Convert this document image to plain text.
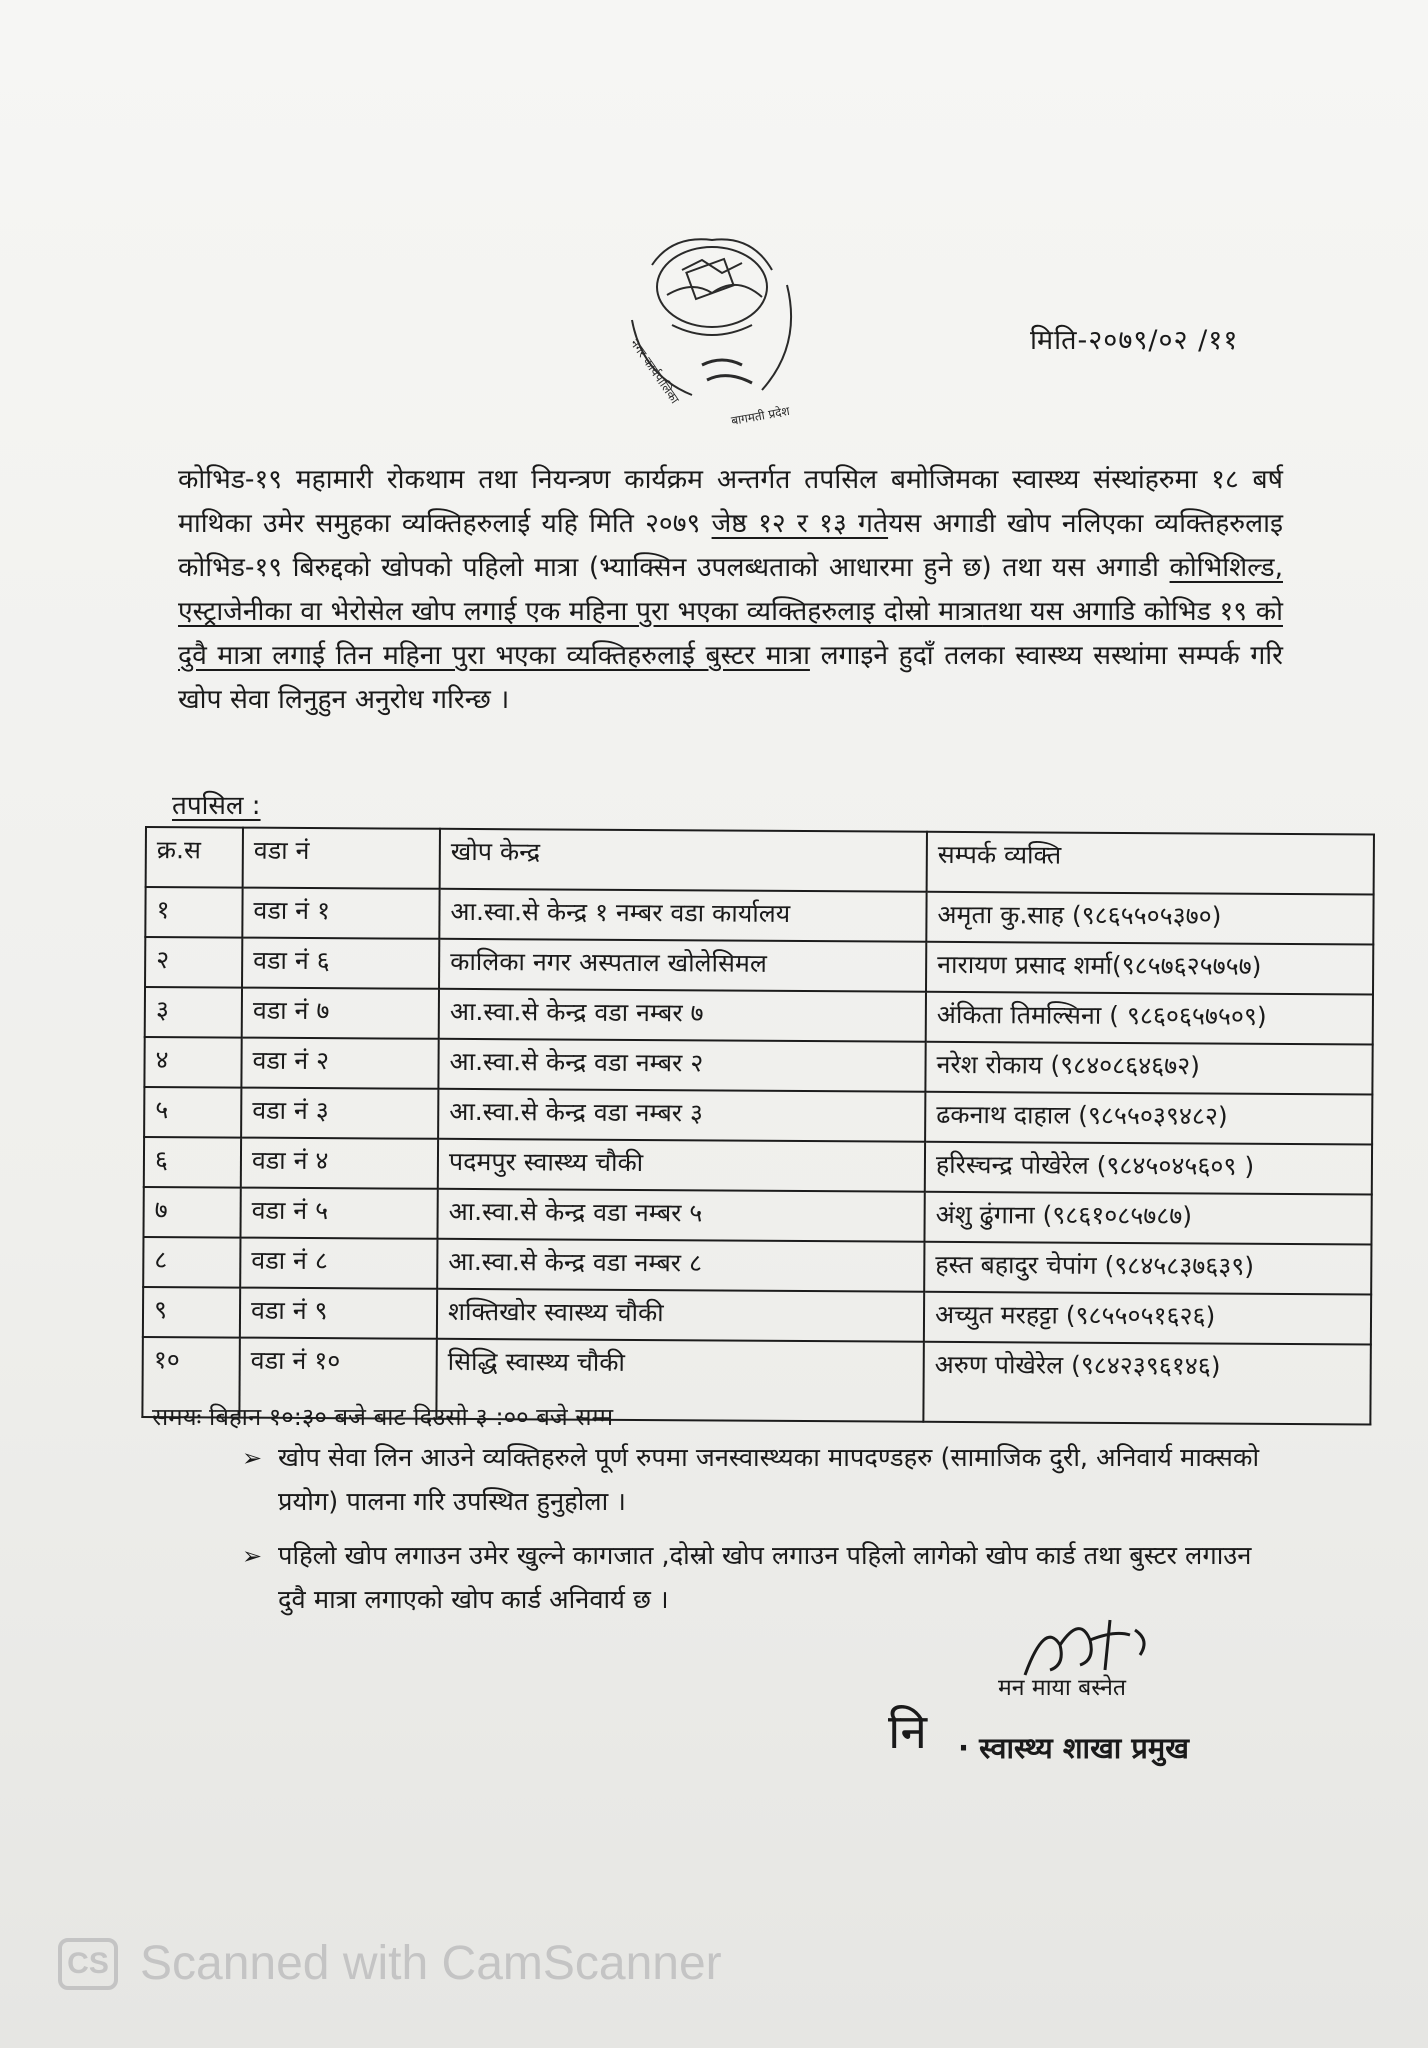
नगर कार्यपालिका
बागमती प्रदेश
मिति-२०७९/०२ /११
कोभिड-१९ महामारी रोकथाम तथा नियन्त्रण कार्यक्रम अन्तर्गत तपसिल बमोजिमका स्वास्थ्य संस्थांहरुमा १८ बर्ष माथिका उमेर समुहका व्यक्तिहरुलाई यहि मिति २०७९ जेष्ठ १२ र १३ गतेयस अगाडी खोप नलिएका व्यक्तिहरुलाइ कोभिड-१९ बिरुद्दको खोपको पहिलो मात्रा (भ्याक्सिन उपलब्धताको आधारमा हुने छ) तथा यस अगाडी कोभिशिल्ड, एस्ट्राजेनीका वा भेरोसेल खोप लगाई एक महिना पुरा भएका व्यक्तिहरुलाइ दोस्रो मात्रातथा यस अगाडि कोभिड १९ को दुवै मात्रा लगाई तिन महिना पुरा भएका व्यक्तिहरुलाई बुस्टर मात्रा लगाइने हुदाँ तलका स्वास्थ्य सस्थांमा सम्पर्क गरि खोप सेवा लिनुहुन अनुरोध गरिन्छ ।
तपसिल :
क्र.स	वडा नं	खोप केन्द्र	सम्पर्क व्यक्ति
१	वडा नं १	आ.स्वा.से केन्द्र १ नम्बर वडा कार्यालय	अमृता कु.साह (९८६५५०५३७०)
२	वडा नं ६	कालिका नगर अस्पताल खोलेसिमल	नारायण प्रसाद शर्मा(९८५७६२५७५७)
३	वडा नं ७	आ.स्वा.से केन्द्र वडा नम्बर ७	अंकिता तिमल्सिना ( ९८६०६५७५०९)
४	वडा नं २	आ.स्वा.से केन्द्र वडा नम्बर २	नरेश रोकाय (९८४०८६४६७२)
५	वडा नं ३	आ.स्वा.से केन्द्र वडा नम्बर ३	ढकनाथ दाहाल (९८५५०३९४८२)
६	वडा नं ४	पदमपुर स्वास्थ्य चौकी	हरिस्चन्द्र पोखेरेल (९८४५०४५६०९ )
७	वडा नं ५	आ.स्वा.से केन्द्र वडा नम्बर ५	अंशु ढुंगाना (९८६१०८५७८७)
८	वडा नं ८	आ.स्वा.से केन्द्र वडा नम्बर ८	हस्त बहादुर चेपांग (९८४५८३७६३९)
९	वडा नं ९	शक्तिखोर स्वास्थ्य चौकी	अच्युत मरहट्टा (९८५५०५१६२६)
१०	वडा नं १०	सिद्धि स्वास्थ्य चौकी	अरुण पोखेरेल (९८४२३९६१४६)
समयः बिहान १०:३० बजे बाट दिउसो ३ :०० बजे सम्म
➢ खोप सेवा लिन आउने व्यक्तिहरुले पूर्ण रुपमा जनस्वास्थ्यका मापदण्डहरु (सामाजिक दुरी, अनिवार्य माक्सको प्रयोग) पालना गरि उपस्थित हुनुहोला ।
➢ पहिलो खोप लगाउन उमेर खुल्ने कागजात ,दोस्रो खोप लगाउन पहिलो लागेको खोप कार्ड तथा बुस्टर लगाउन दुवै मात्रा लगाएको खोप कार्ड अनिवार्य छ ।
मन माया बस्नेत
नि · स्वास्थ्य शाखा प्रमुख
CS Scanned with CamScanner
